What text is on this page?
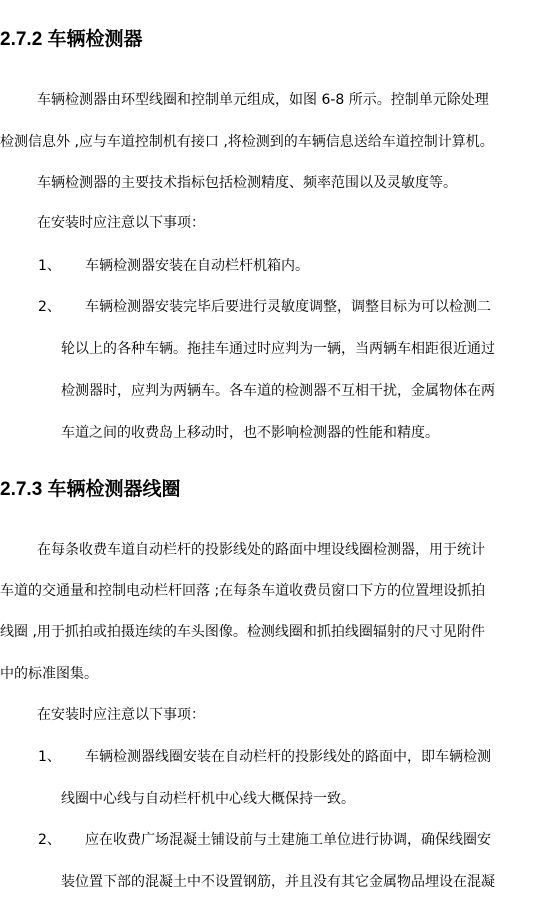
2.7.2 车辆检测器
车辆检测器由环型线圈和控制单元组成，如图 6-8 所示。控制单元除处理
检测信息外 ,应与车道控制机有接口 ,将检测到的车辆信息送给车道控制计算机。
车辆检测器的主要技术指标包括检测精度、频率范围以及灵敏度等。
在安装时应注意以下事项：
1、 车辆检测器安装在自动栏杆机箱内。
2、 车辆检测器安装完毕后要进行灵敏度调整，调整目标为可以检测二
轮以上的各种车辆。拖挂车通过时应判为一辆，当两辆车相距很近通过
检测器时，应判为两辆车。各车道的检测器不互相干扰，金属物体在两
车道之间的收费岛上移动时，也不影响检测器的性能和精度。
2.7.3 车辆检测器线圈
在每条收费车道自动栏杆的投影线处的路面中埋设线圈检测器，用于统计
车道的交通量和控制电动栏杆回落 ;在每条车道收费员窗口下方的位置埋设抓拍
线圈 ,用于抓拍或拍摄连续的车头图像。检测线圈和抓拍线圈辐射的尺寸见附件
中的标准图集。
在安装时应注意以下事项：
1、 车辆检测器线圈安装在自动栏杆的投影线处的路面中，即车辆检测
线圈中心线与自动栏杆机中心线大概保持一致。
2、 应在收费广场混凝土铺设前与土建施工单位进行协调，确保线圈安
装位置下部的混凝土中不设置钢筋，并且没有其它金属物品埋设在混凝
